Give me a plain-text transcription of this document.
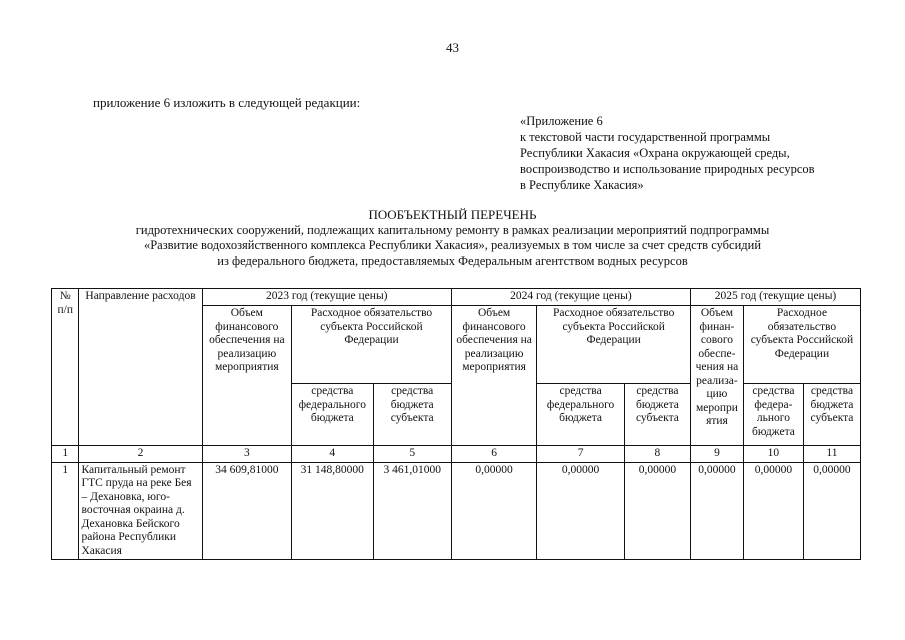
43
приложение 6 изложить в следующей редакции:
«Приложение 6
к текстовой части государственной программы
Республики Хакасия «Охрана окружающей среды,
воспроизводство и использование природных ресурсов
в Республике Хакасия»
ПООБЪЕКТНЫЙ ПЕРЕЧЕНЬ
гидротехнических сооружений, подлежащих капитальному ремонту в рамках реализации мероприятий подпрограммы
«Развитие водохозяйственного комплекса Республики Хакасия», реализуемых в том числе за счет средств субсидий
из федерального бюджета, предоставляемых Федеральным агентством водных ресурсов
№ п/п	Направление расходов	2023 год (текущие цены)			2024 год (текущие цены)			2025 год (текущие цены)		
		Объем финансового обеспечения на реализацию мероприятия	Расходное обязательство субъекта Российской Федерации		Объем финансового обеспечения на реализацию мероприятия	Расходное обязательство субъекта Российской Федерации		Объем финан-сового обеспе-чения на реализа-цию меропри ятия	Расходное обязательство субъекта Российской Федерации	
			средства федерального бюджета	средства бюджета субъекта		средства федерального бюджета	средства бюджета субъекта		средства федера-льного бюджета	средства бюджета субъекта
1	2	3	4	5	6	7	8	9	10	11
1	Капитальный ремонт ГТС пруда на реке Бея – Дехановка, юго-восточная окраина д. Дехановка Бейского района Республики Хакасия	34 609,81000	31 148,80000	3 461,01000	0,00000	0,00000	0,00000	0,00000	0,00000	0,00000
